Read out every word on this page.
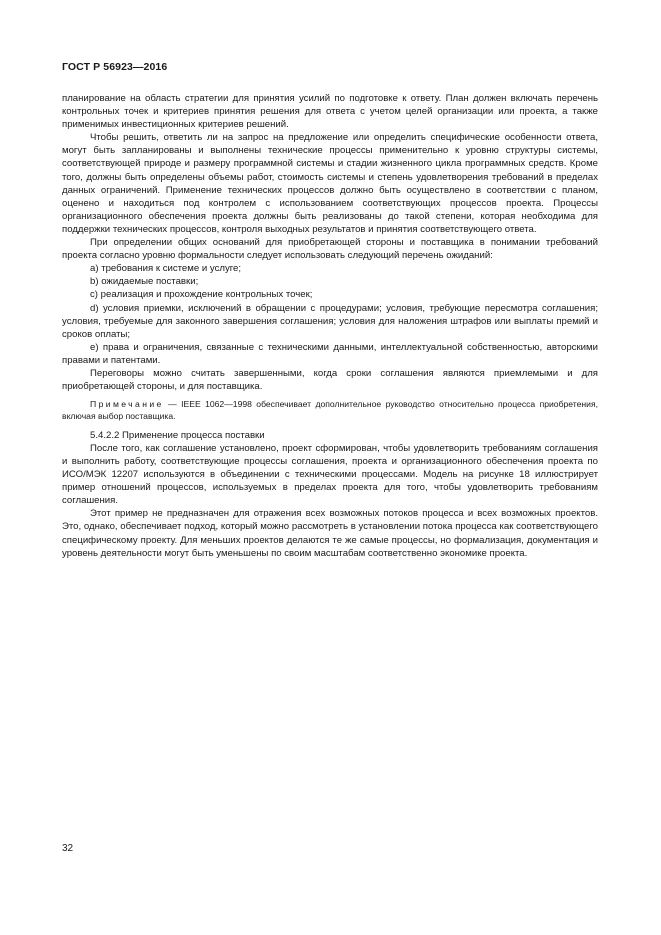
ГОСТ Р 56923—2016

планирование на область стратегии для принятия усилий по подготовке к ответу. План должен включать перечень контрольных точек и критериев принятия решения для ответа с учетом целей организации или проекта, а также применимых инвестиционных критериев решений.

Чтобы решить, ответить ли на запрос на предложение или определить специфические особенности ответа, могут быть запланированы и выполнены технические процессы применительно к уровню структуры системы, соответствующей природе и размеру программной системы и стадии жизненного цикла программных средств. Кроме того, должны быть определены объемы работ, стоимость системы и степень удовлетворения требований в пределах данных ограничений. Применение технических процессов должно быть осуществлено в соответствии с планом, оценено и находиться под контролем с использованием соответствующих процессов проекта. Процессы организационного обеспечения проекта должны быть реализованы до такой степени, которая необходима для поддержки технических процессов, контроля выходных результатов и принятия соответствующего ответа.

При определении общих оснований для приобретающей стороны и поставщика в понимании требований проекта согласно уровню формальности следует использовать следующий перечень ожиданий:

а) требования к системе и услуге;

b) ожидаемые поставки;

с) реализация и прохождение контрольных точек;

d) условия приемки, исключений в обращении с процедурами; условия, требующие пересмотра соглашения; условия, требуемые для законного завершения соглашения; условия для наложения штрафов или выплаты премий и сроков оплаты;

е) права и ограничения, связанные с техническими данными, интеллектуальной собственностью, авторскими правами и патентами.

Переговоры можно считать завершенными, когда сроки соглашения являются приемлемыми и для приобретающей стороны, и для поставщика.

Примечание — IEEE 1062—1998 обеспечивает дополнительное руководство относительно процесса приобретения, включая выбор поставщика.

5.4.2.2 Применение процесса поставки

После того, как соглашение установлено, проект сформирован, чтобы удовлетворить требованиям соглашения и выполнить работу, соответствующие процессы соглашения, проекта и организационного обеспечения проекта по ИСО/МЭК 12207 используются в объединении с техническими процессами. Модель на рисунке 18 иллюстрирует пример отношений процессов, используемых в пределах проекта для того, чтобы удовлетворить требованиям соглашения.

Этот пример не предназначен для отражения всех возможных потоков процесса и всех возможных проектов. Это, однако, обеспечивает подход, который можно рассмотреть в установлении потока процесса как соответствующего специфическому проекту. Для меньших проектов делаются те же самые процессы, но формализация, документация и уровень деятельности могут быть уменьшены по своим масштабам соответственно экономике проекта.

32
